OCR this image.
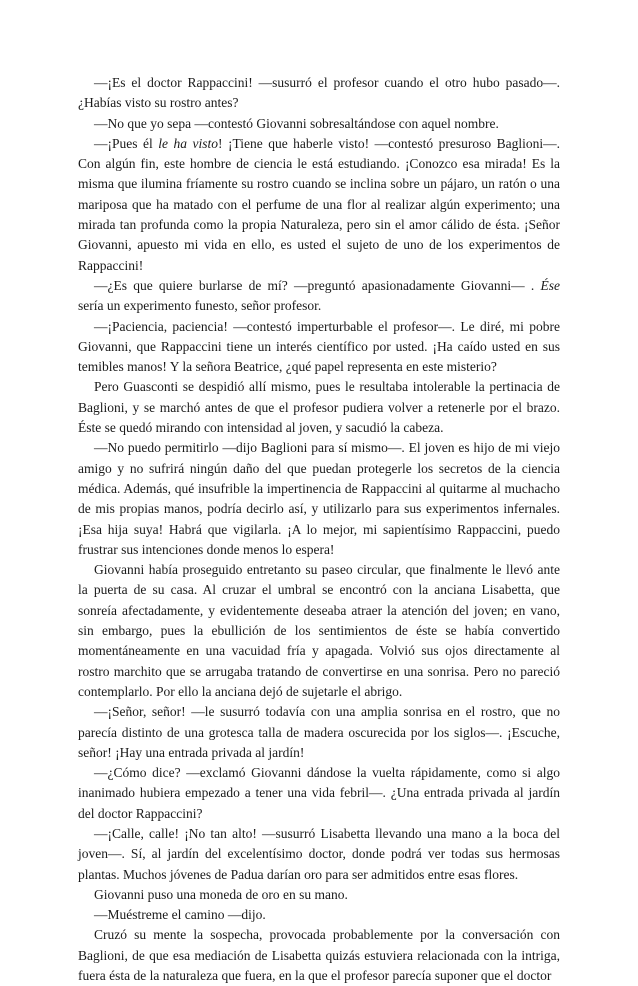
—¡Es el doctor Rappaccini! —susurró el profesor cuando el otro hubo pasado—. ¿Habías visto su rostro antes?

—No que yo sepa —contestó Giovanni sobresaltándose con aquel nombre.

—¡Pues él le ha visto! ¡Tiene que haberle visto! —contestó presuroso Baglioni—. Con algún fin, este hombre de ciencia le está estudiando. ¡Conozco esa mirada! Es la misma que ilumina fríamente su rostro cuando se inclina sobre un pájaro, un ratón o una mariposa que ha matado con el perfume de una flor al realizar algún experimento; una mirada tan profunda como la propia Naturaleza, pero sin el amor cálido de ésta. ¡Señor Giovanni, apuesto mi vida en ello, es usted el sujeto de uno de los experimentos de Rappaccini!

—¿Es que quiere burlarse de mí? —preguntó apasionadamente Giovanni— . Ése sería un experimento funesto, señor profesor.

—¡Paciencia, paciencia! —contestó imperturbable el profesor—. Le diré, mi pobre Giovanni, que Rappaccini tiene un interés científico por usted. ¡Ha caído usted en sus temibles manos! Y la señora Beatrice, ¿qué papel representa en este misterio?

Pero Guasconti se despidió allí mismo, pues le resultaba intolerable la pertinacia de Baglioni, y se marchó antes de que el profesor pudiera volver a retenerle por el brazo. Éste se quedó mirando con intensidad al joven, y sacudió la cabeza.

—No puedo permitirlo —dijo Baglioni para sí mismo—. El joven es hijo de mi viejo amigo y no sufrirá ningún daño del que puedan protegerle los secretos de la ciencia médica. Además, qué insufrible la impertinencia de Rappaccini al quitarme al muchacho de mis propias manos, podría decirlo así, y utilizarlo para sus experimentos infernales. ¡Esa hija suya! Habrá que vigilarla. ¡A lo mejor, mi sapientísimo Rappaccini, puedo frustrar sus intenciones donde menos lo espera!

Giovanni había proseguido entretanto su paseo circular, que finalmente le llevó ante la puerta de su casa. Al cruzar el umbral se encontró con la anciana Lisabetta, que sonreía afectadamente, y evidentemente deseaba atraer la atención del joven; en vano, sin embargo, pues la ebullición de los sentimientos de éste se había convertido momentáneamente en una vacuidad fría y apagada. Volvió sus ojos directamente al rostro marchito que se arrugaba tratando de convertirse en una sonrisa. Pero no pareció contemplarlo. Por ello la anciana dejó de sujetarle el abrigo.

—¡Señor, señor! —le susurró todavía con una amplia sonrisa en el rostro, que no parecía distinto de una grotesca talla de madera oscurecida por los siglos—. ¡Escuche, señor! ¡Hay una entrada privada al jardín!

—¿Cómo dice? —exclamó Giovanni dándose la vuelta rápidamente, como si algo inanimado hubiera empezado a tener una vida febril—. ¿Una entrada privada al jardín del doctor Rappaccini?

—¡Calle, calle! ¡No tan alto! —susurró Lisabetta llevando una mano a la boca del joven—. Sí, al jardín del excelentísimo doctor, donde podrá ver todas sus hermosas plantas. Muchos jóvenes de Padua darían oro para ser admitidos entre esas flores.

Giovanni puso una moneda de oro en su mano.

—Muéstreme el camino —dijo.

Cruzó su mente la sospecha, provocada probablemente por la conversación con Baglioni, de que esa mediación de Lisabetta quizás estuviera relacionada con la intriga, fuera ésta de la naturaleza que fuera, en la que el profesor parecía suponer que el doctor
